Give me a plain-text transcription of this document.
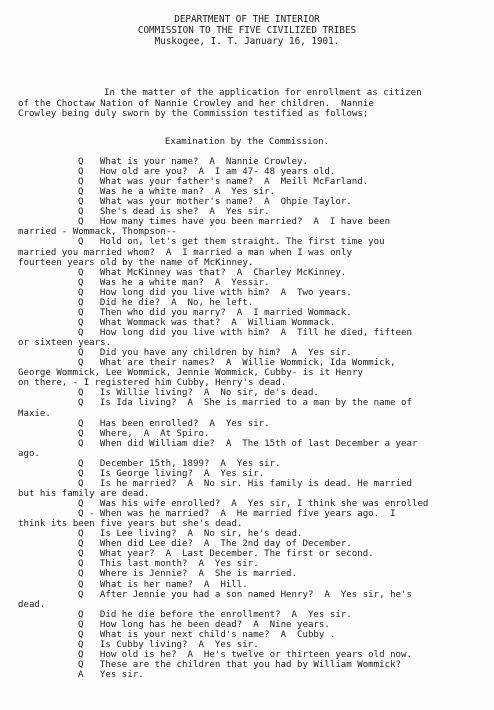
DEPARTMENT OF THE INTERIOR
COMMISSION TO THE FIVE CIVILIZED TRIBES
Muskogee, I. T. January 16, 1901.
In the matter of the application for enrollment as citizen
of the Choctaw Nation of Nannie Crowley and her children.  Nannie
Crowley being duly sworn by the Commission testified as follows;
Examination by the Commission.
Q   What is your name?  A  Nannie Crowley.
Q   How old are you?  A  I am 47- 48 years old.
Q   What was your father's name?  A  Meill McFarland.
Q   Was he a white man?  A  Yes sir.
Q   What was your mother's name?  A  Ohpie Taylor.
Q   She's dead is she?  A  Yes sir.
Q   How many times have you been married?  A  I have been
married - Wommack, Thompson--
Q   Hold on, let's get them straight. The first time you
married you married whom?  A  I married a man when I was only
fourteen years old by the name of McKinney.
Q   What McKinney was that?  A  Charley McKinney.
Q   Was he a white man?  A  Yessir.
Q   How long did you live with him?  A  Two years.
Q   Did he die?  A  No, he left.
Q   Then who did you marry?  A  I married Wommack.
Q   What Wommack was that?  A  William Wommack.
Q   How long did you live with him?  A  Till he died, fifteen
or sixteen years.
Q   Did you have any children by him?  A  Yes sir.
Q   What are their names?  A  Willie Wommick, Ida Wommick,
George Wommick, Lee Wommick, Jennie Wommick, Cubby- is it Henry
on there, - I registered him Cubby, Henry's dead.
Q   Is Willie living?  A  No sir, de's dead.
Q   Is Ida living?  A  She is married to a man by the name of
Maxie.
Q   Has been enrolled?  A  Yes sir.
Q   Where,  A  At Spiro.
Q   When did William die?  A  The 15th of last December a year
ago.
Q   December 15th, 1899?  A  Yes sir.
Q   Is George living?  A  Yes sir.
Q   Is he married?  A  No sir. His family is dead. He married
but his family are dead.
Q   Was his wife enrolled?  A  Yes sir, I think she was enrolled
Q - When was he married?  A  He married five years ago.  I
think its been five years but she's dead.
Q   Is Lee living?  A  No sir, he's dead.
Q   When did Lee die?  A  The 2nd day of December.
Q   What year?  A  Last December. The first or second.
Q   This last month?  A  Yes sir.
Q   Where is Jennie?  A  She is married.
Q   What is her name?  A  Hill.
Q   After Jennie you had a son named Henry?  A  Yes sir, he's
dead.
Q   Did he die before the enrollment?  A  Yes sir.
Q   How long has he been dead?  A  Nine years.
Q   What is your next child's name?  A  Cubby .
Q   Is Cubby living?  A  Yes sir.
Q   How old is he?  A  He's twelve or thirteen years old now.
Q   These are the children that you had by William Wommick?
A   Yes sir.
